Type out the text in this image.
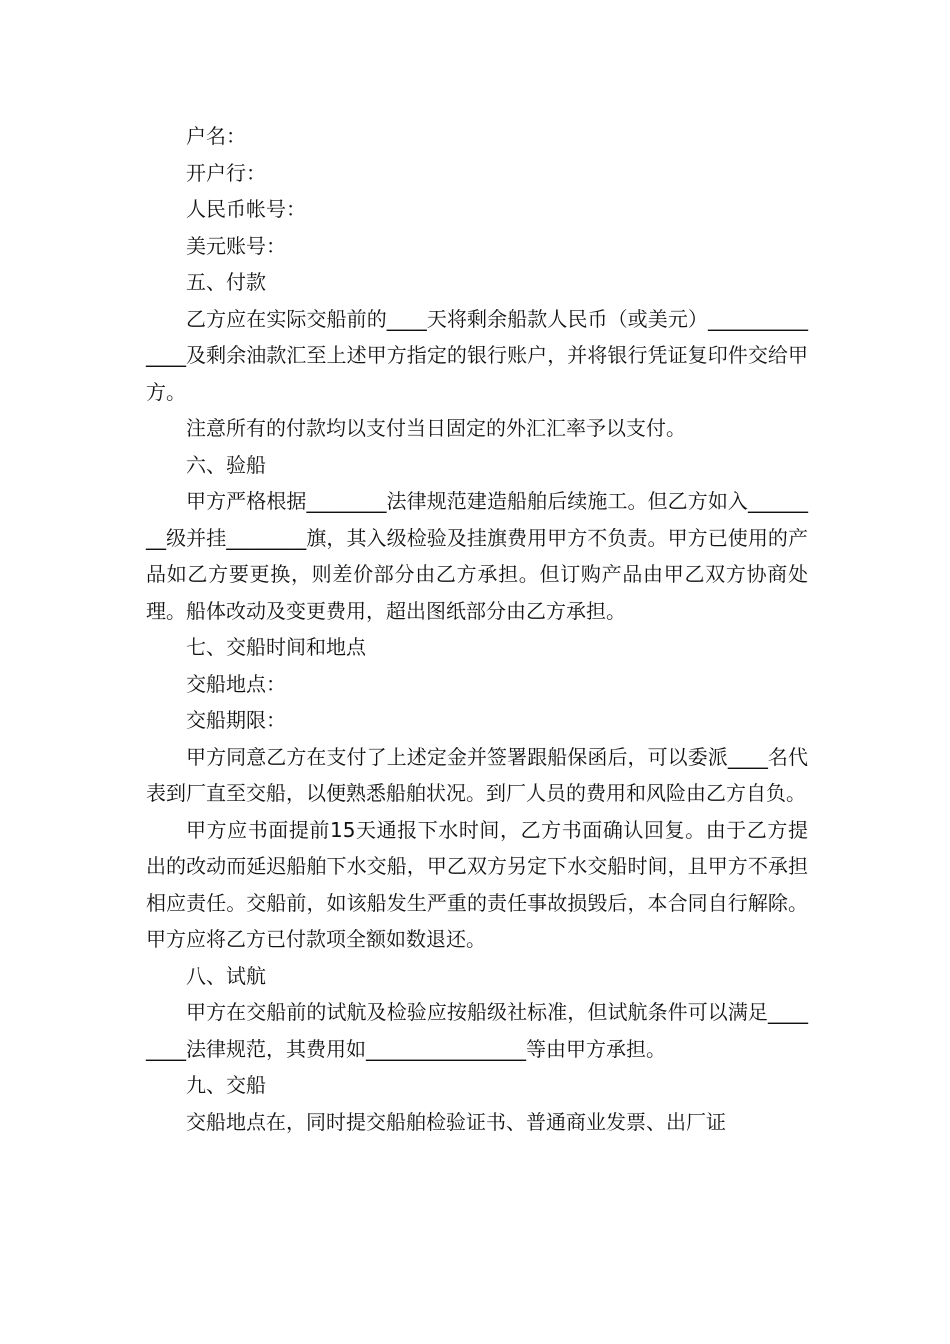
户名：

开户行：

人民币帐号：

美元账号：

五、付款

乙方应在实际交船前的____天将剩余船款人民币（或美元）______________及剩余油款汇至上述甲方指定的银行账户，并将银行凭证复印件交给甲方。

注意所有的付款均以支付当日固定的外汇汇率予以支付。

六、验船

甲方严格根据________法律规范建造船舶后续施工。但乙方如入________级并挂________旗，其入级检验及挂旗费用甲方不负责。甲方已使用的产品如乙方要更换，则差价部分由乙方承担。但订购产品由甲乙双方协商处理。船体改动及变更费用，超出图纸部分由乙方承担。

七、交船时间和地点

交船地点：

交船期限：

甲方同意乙方在支付了上述定金并签署跟船保函后，可以委派____名代表到厂直至交船，以便熟悉船舶状况。到厂人员的费用和风险由乙方自负。

甲方应书面提前15天通报下水时间，乙方书面确认回复。由于乙方提出的改动而延迟船舶下水交船，甲乙双方另定下水交船时间，且甲方不承担相应责任。交船前，如该船发生严重的责任事故损毁后，本合同自行解除。甲方应将乙方已付款项全额如数退还。

八、试航

甲方在交船前的试航及检验应按船级社标准，但试航条件可以满足________法律规范，其费用如________________等由甲方承担。

九、交船

交船地点在，同时提交船舶检验证书、普通商业发票、出厂证
